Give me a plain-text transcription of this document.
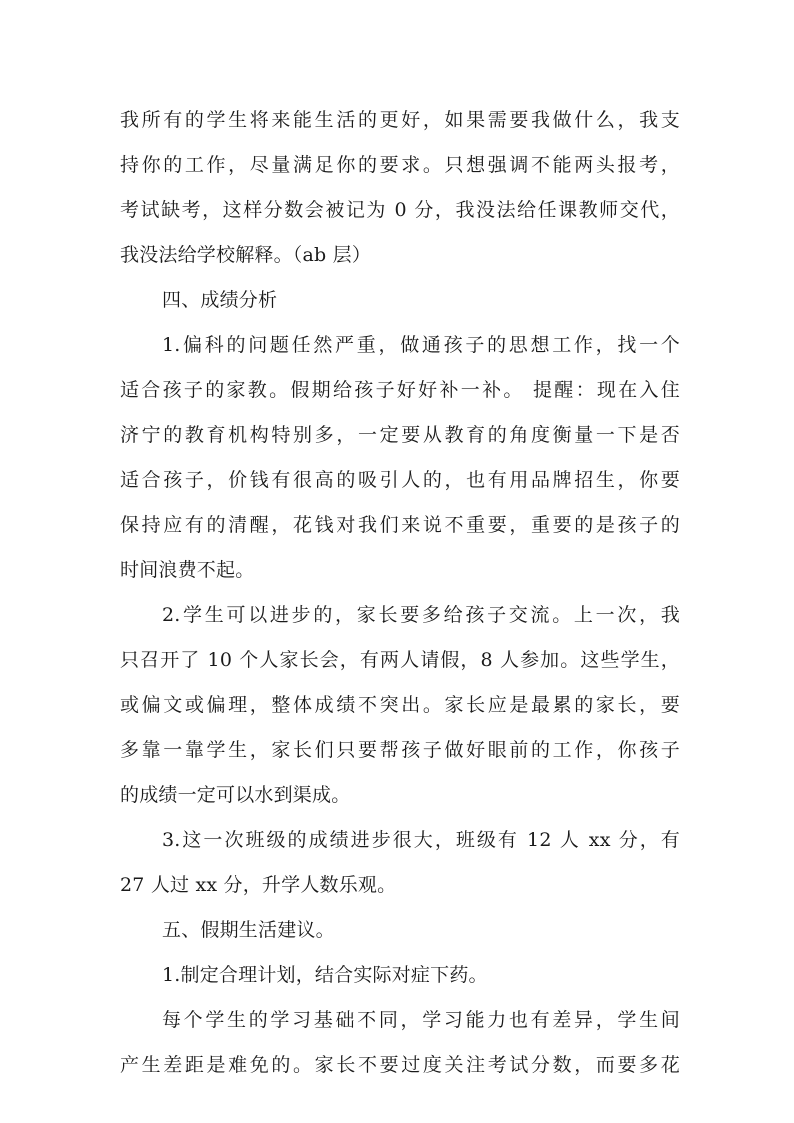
我所有的学生将来能生活的更好，如果需要我做什么，我支
持你的工作，尽量满足你的要求。只想强调不能两头报考，
考试缺考，这样分数会被记为 0 分，我没法给任课教师交代，
我没法给学校解释。（ab 层）
四、成绩分析
1.偏科的问题任然严重，做通孩子的思想工作，找一个
适合孩子的家教。假期给孩子好好补一补。 提醒：现在入住
济宁的教育机构特别多，一定要从教育的角度衡量一下是否
适合孩子，价钱有很高的吸引人的，也有用品牌招生，你要
保持应有的清醒，花钱对我们来说不重要，重要的是孩子的
时间浪费不起。
2.学生可以进步的，家长要多给孩子交流。上一次，我
只召开了 10 个人家长会，有两人请假，8 人参加。这些学生，
或偏文或偏理，整体成绩不突出。家长应是最累的家长，要
多靠一靠学生，家长们只要帮孩子做好眼前的工作，你孩子
的成绩一定可以水到渠成。
3.这一次班级的成绩进步很大，班级有 12 人 xx 分，有
27 人过 xx 分，升学人数乐观。
五、假期生活建议。
1.制定合理计划，结合实际对症下药。
每个学生的学习基础不同，学习能力也有差异，学生间
产生差距是难免的。家长不要过度关注考试分数，而要多花
